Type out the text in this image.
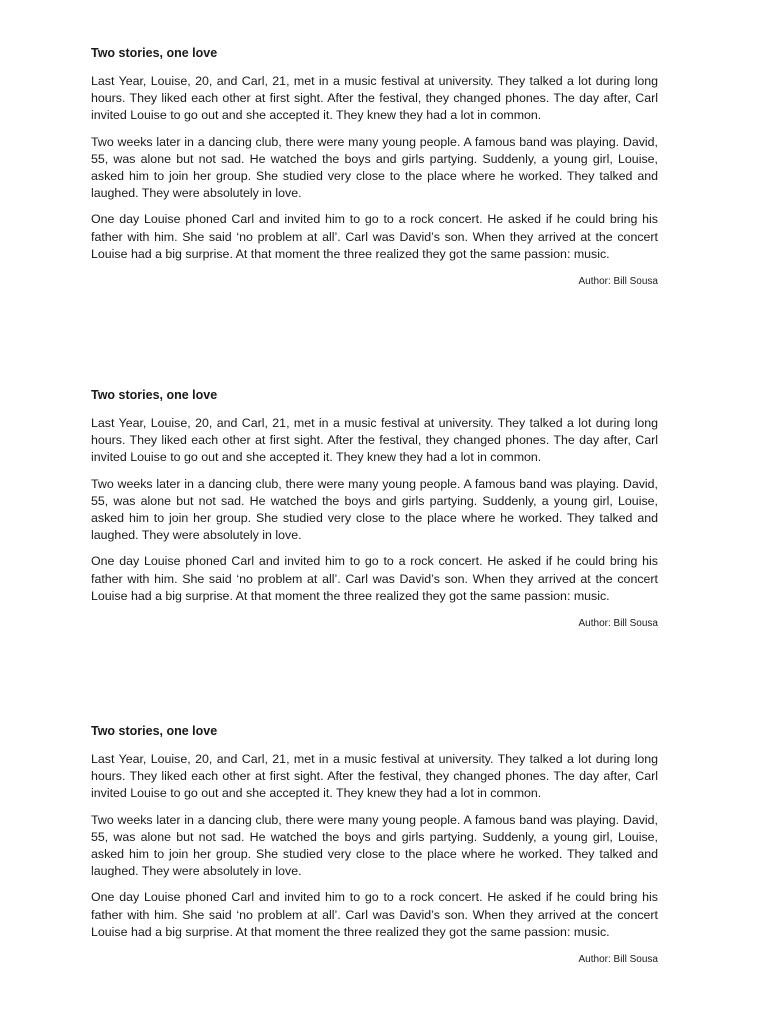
Two stories, one love

Last Year, Louise, 20, and Carl, 21, met in a music festival at university. They talked a lot during long hours. They liked each other at first sight. After the festival, they changed phones. The day after, Carl invited Louise to go out and she accepted it. They knew they had a lot in common.

Two weeks later in a dancing club, there were many young people. A famous band was playing. David, 55, was alone but not sad. He watched the boys and girls partying. Suddenly, a young girl, Louise, asked him to join her group. She studied very close to the place where he worked. They talked and laughed. They were absolutely in love.

One day Louise phoned Carl and invited him to go to a rock concert. He asked if he could bring his father with him. She said ‘no problem at all’. Carl was David’s son. When they arrived at the concert Louise had a big surprise. At that moment the three realized they got the same passion: music.

Author: Bill Sousa
Two stories, one love

Last Year, Louise, 20, and Carl, 21, met in a music festival at university. They talked a lot during long hours. They liked each other at first sight. After the festival, they changed phones. The day after, Carl invited Louise to go out and she accepted it. They knew they had a lot in common.

Two weeks later in a dancing club, there were many young people. A famous band was playing. David, 55, was alone but not sad. He watched the boys and girls partying. Suddenly, a young girl, Louise, asked him to join her group. She studied very close to the place where he worked. They talked and laughed. They were absolutely in love.

One day Louise phoned Carl and invited him to go to a rock concert. He asked if he could bring his father with him. She said ‘no problem at all’. Carl was David’s son. When they arrived at the concert Louise had a big surprise. At that moment the three realized they got the same passion: music.

Author: Bill Sousa
Two stories, one love

Last Year, Louise, 20, and Carl, 21, met in a music festival at university. They talked a lot during long hours. They liked each other at first sight. After the festival, they changed phones. The day after, Carl invited Louise to go out and she accepted it. They knew they had a lot in common.

Two weeks later in a dancing club, there were many young people. A famous band was playing. David, 55, was alone but not sad. He watched the boys and girls partying. Suddenly, a young girl, Louise, asked him to join her group. She studied very close to the place where he worked. They talked and laughed. They were absolutely in love.

One day Louise phoned Carl and invited him to go to a rock concert. He asked if he could bring his father with him. She said ‘no problem at all’. Carl was David’s son. When they arrived at the concert Louise had a big surprise. At that moment the three realized they got the same passion: music.

Author: Bill Sousa
